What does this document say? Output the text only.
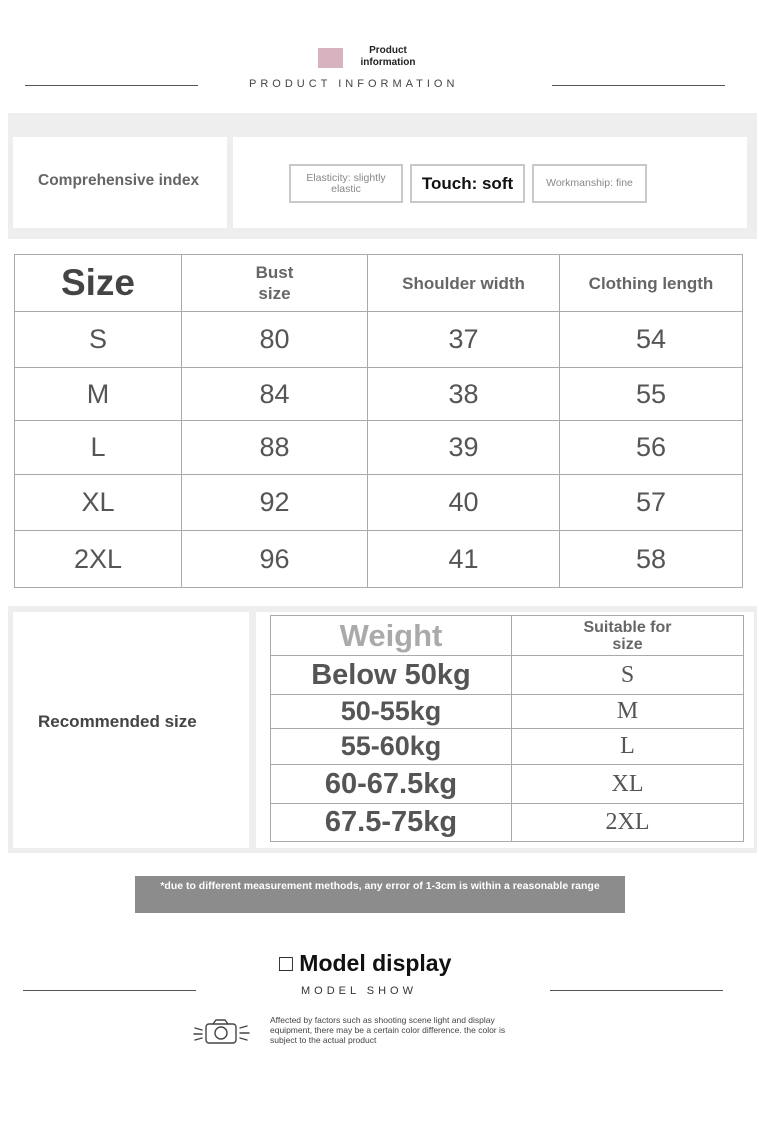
Product information
PRODUCT INFORMATION
Comprehensive index	Elasticity: slightly elastic	Touch: soft	Workmanship: fine
Size	Bust size	Shoulder width	Clothing length
S	80	37	54
M	84	38	55
L	88	39	56
XL	92	40	57
2XL	96	41	58
Recommended size
Weight	Suitable for size

Below 50kg	S
50-55kg	M
55-60kg	L
60-67.5kg	XL
67.5-75kg	2XL
*due to different measurement methods, any error of 1-3cm is within a reasonable range
□ Model display
MODEL SHOW
Affected by factors such as shooting scene light and display equipment, there may be a certain color difference. the color is subject to the actual product
